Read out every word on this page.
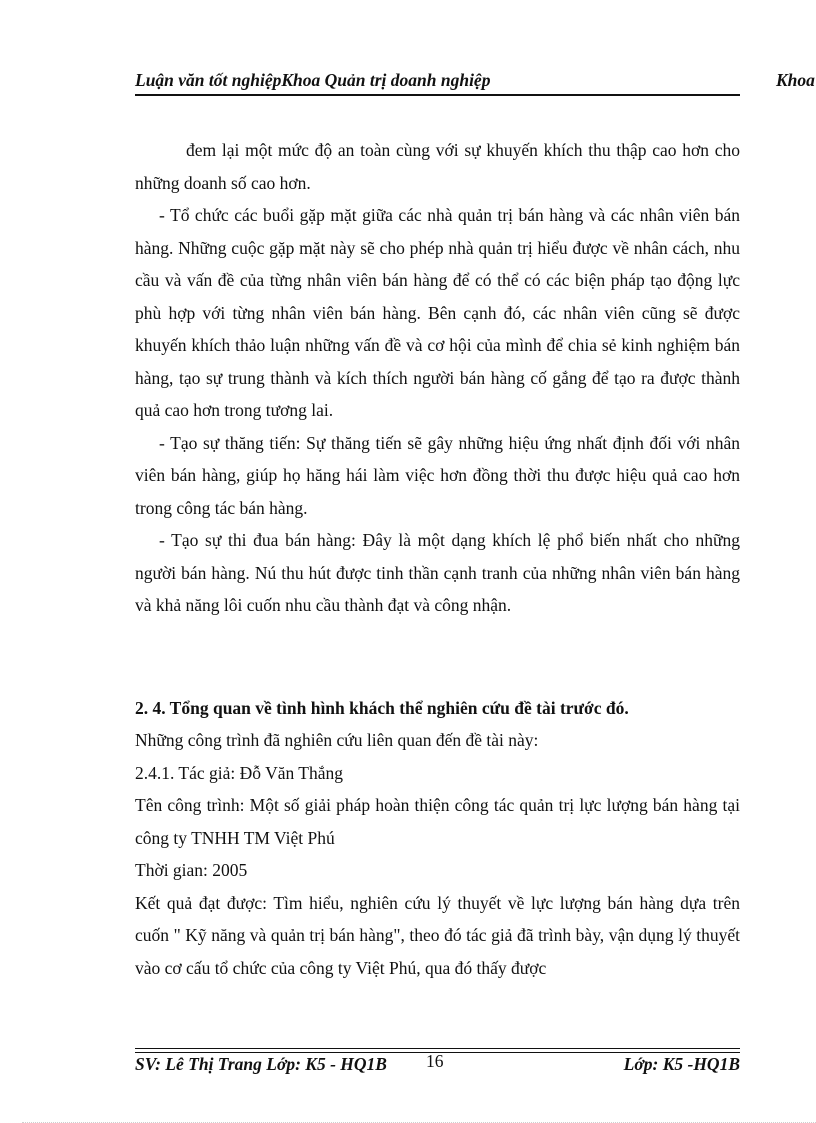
Luận văn tốt nghiệpKhoa Quản trị doanh nghiệp	Khoa

đem lại một mức độ an toàn cùng với sự khuyến khích thu thập cao hơn cho những doanh số cao hơn.

- Tổ chức các buổi gặp mặt giữa các nhà quản trị bán hàng và các nhân viên bán hàng. Những cuộc gặp mặt này sẽ cho phép nhà quản trị hiểu được về nhân cách, nhu cầu và vấn đề của từng nhân viên bán hàng để có thể có các biện pháp tạo động lực phù hợp với từng nhân viên bán hàng. Bên cạnh đó, các nhân viên cũng sẽ được khuyến khích thảo luận những vấn đề và cơ hội của mình để chia sẻ kinh nghiệm bán hàng, tạo sự trung thành và kích thích người bán hàng cố gắng để tạo ra được thành quả cao hơn trong tương lai.

- Tạo sự thăng tiến: Sự thăng tiến sẽ gây những hiệu ứng nhất định đối với nhân viên bán hàng, giúp họ hăng hái làm việc hơn đồng thời thu được hiệu quả cao hơn trong công tác bán hàng.

- Tạo sự thi đua bán hàng: Đây là một dạng khích lệ phổ biến nhất cho những người bán hàng. Nú thu hút được tinh thần cạnh tranh của những nhân viên bán hàng và khả năng lôi cuốn nhu cầu thành đạt và công nhận.

2. 4. Tổng quan về tình hình khách thể nghiên cứu đề tài trước đó.

Những công trình đã nghiên cứu liên quan đến đề tài này:

2.4.1. Tác giả: Đỗ Văn Thắng

Tên công trình: Một số giải pháp hoàn thiện công tác quản trị lực lượng bán hàng tại công ty TNHH TM Việt Phú

Thời gian: 2005

Kết quả đạt được: Tìm hiểu, nghiên cứu lý thuyết về lực lượng bán hàng dựa trên cuốn " Kỹ năng và quản trị bán hàng", theo đó tác giả đã trình bày, vận dụng lý thuyết vào cơ cấu tổ chức của công ty Việt Phú, qua đó thấy được

SV: Lê Thị Trang Lớp: K5 - HQ1B 16	Lớp: K5 -HQ1B
